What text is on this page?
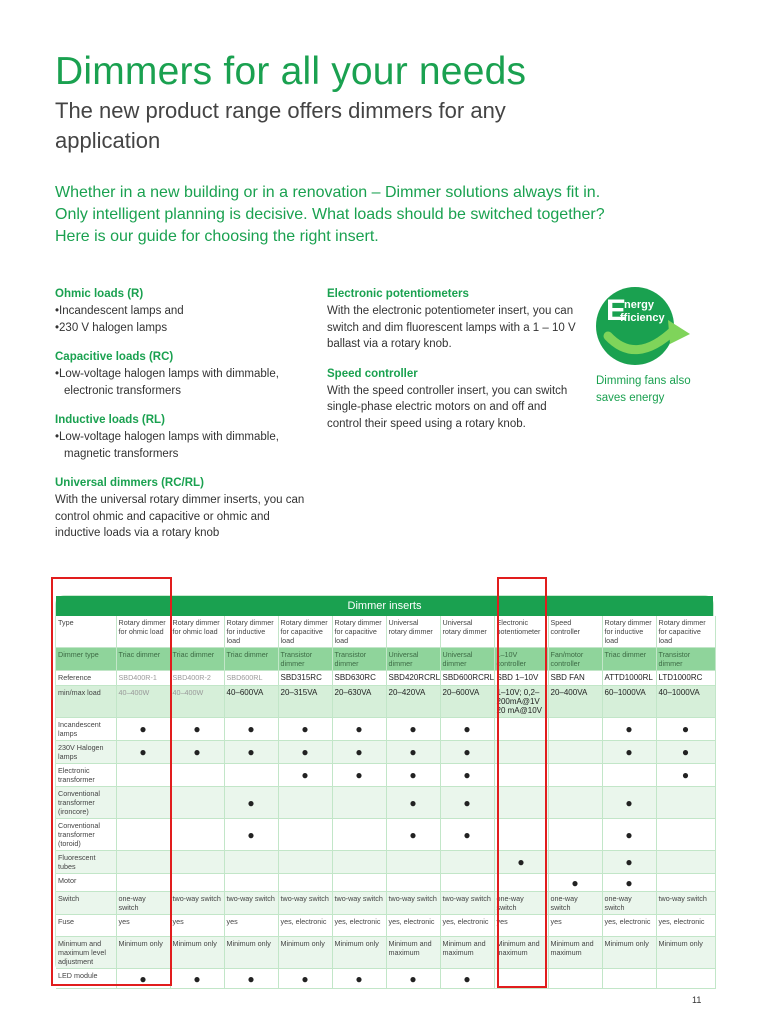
Dimmers for all your needs
The new product range offers dimmers for any application
Whether in a new building or in a renovation – Dimmer solutions always fit in. Only intelligent planning is decisive. What loads should be switched together? Here is our guide for choosing the right insert.
Ohmic loads (R)
• Incandescent lamps and
• 230 V halogen lamps
Capacitive loads (RC)
• Low-voltage halogen lamps with dimmable, electronic transformers
Inductive loads (RL)
• Low-voltage halogen lamps with dimmable, magnetic transformers
Universal dimmers (RC/RL)

With the universal rotary dimmer inserts, you can control ohmic and capacitive or ohmic and inductive loads via a rotary knob

Electronic potentiometers

With the electronic potentiometer insert, you can switch and dim fluorescent lamps with a 1 – 10 V ballast via a rotary knob.

Speed controller

With the speed controller insert, you can switch single-phase electric motors on and off and control their speed using a rotary knob.

E
nergy
fficiency
Dimming fans also saves energy
Dimmer inserts
Type	Rotary dimmer for ohmic load	Rotary dimmer for ohmic load	Rotary dimmer for inductive load	Rotary dimmer for capacitive load	Rotary dimmer for capacitive load	Universal rotary dimmer	Universal rotary dimmer	Electronic potentiometer	Speed controller	Rotary dimmer for inductive load	Rotary dimmer for capacitive load
Dimmer type	Triac dimmer	Triac dimmer	Triac dimmer	Transistor dimmer	Transistor dimmer	Universal dimmer	Universal dimmer	1–10V controller	Fan/motor controller	Triac dimmer	Transistor dimmer
Reference	SBD400R-1	SBD400R-2	SBD600RL	SBD315RC	SBD630RC	SBD420RCRL	SBD600RCRL	SBD 1–10V	SBD FAN	ATTD1000RL	LTD1000RC
min/max load	40–400W	40–400W	40–600VA	20–315VA	20–630VA	20–420VA	20–600VA	1–10V; 0,2–200mA@1V 20 mA@10V	20–400VA	60–1000VA	40–1000VA
Incandescent lamps	●	●	●	●	●	●	●			●	●
230V Halogen lamps	●	●	●	●	●	●	●			●	●
Electronic transformer				●	●	●	●				●
Conventional transformer (ironcore)			●			●	●			●	
Conventional transformer (toroid)			●			●	●			●	
Fluorescent tubes								●		●	
Motor									●	●	
Switch	one-way switch	two-way switch	two-way switch	two-way switch	two-way switch	two-way switch	two-way switch	one-way switch	one-way switch	one-way switch	two-way switch
Fuse	yes	yes	yes	yes, electronic	yes, electronic	yes, electronic	yes, electronic	yes	yes	yes, electronic	yes, electronic
Minimum and maximum level adjustment	Minimum only	Minimum only	Minimum only	Minimum only	Minimum only	Minimum and maximum	Minimum and maximum	Minimum and maximum	Minimum and maximum	Minimum only	Minimum only
LED module	●	●	●	●	●	●	●				
11
